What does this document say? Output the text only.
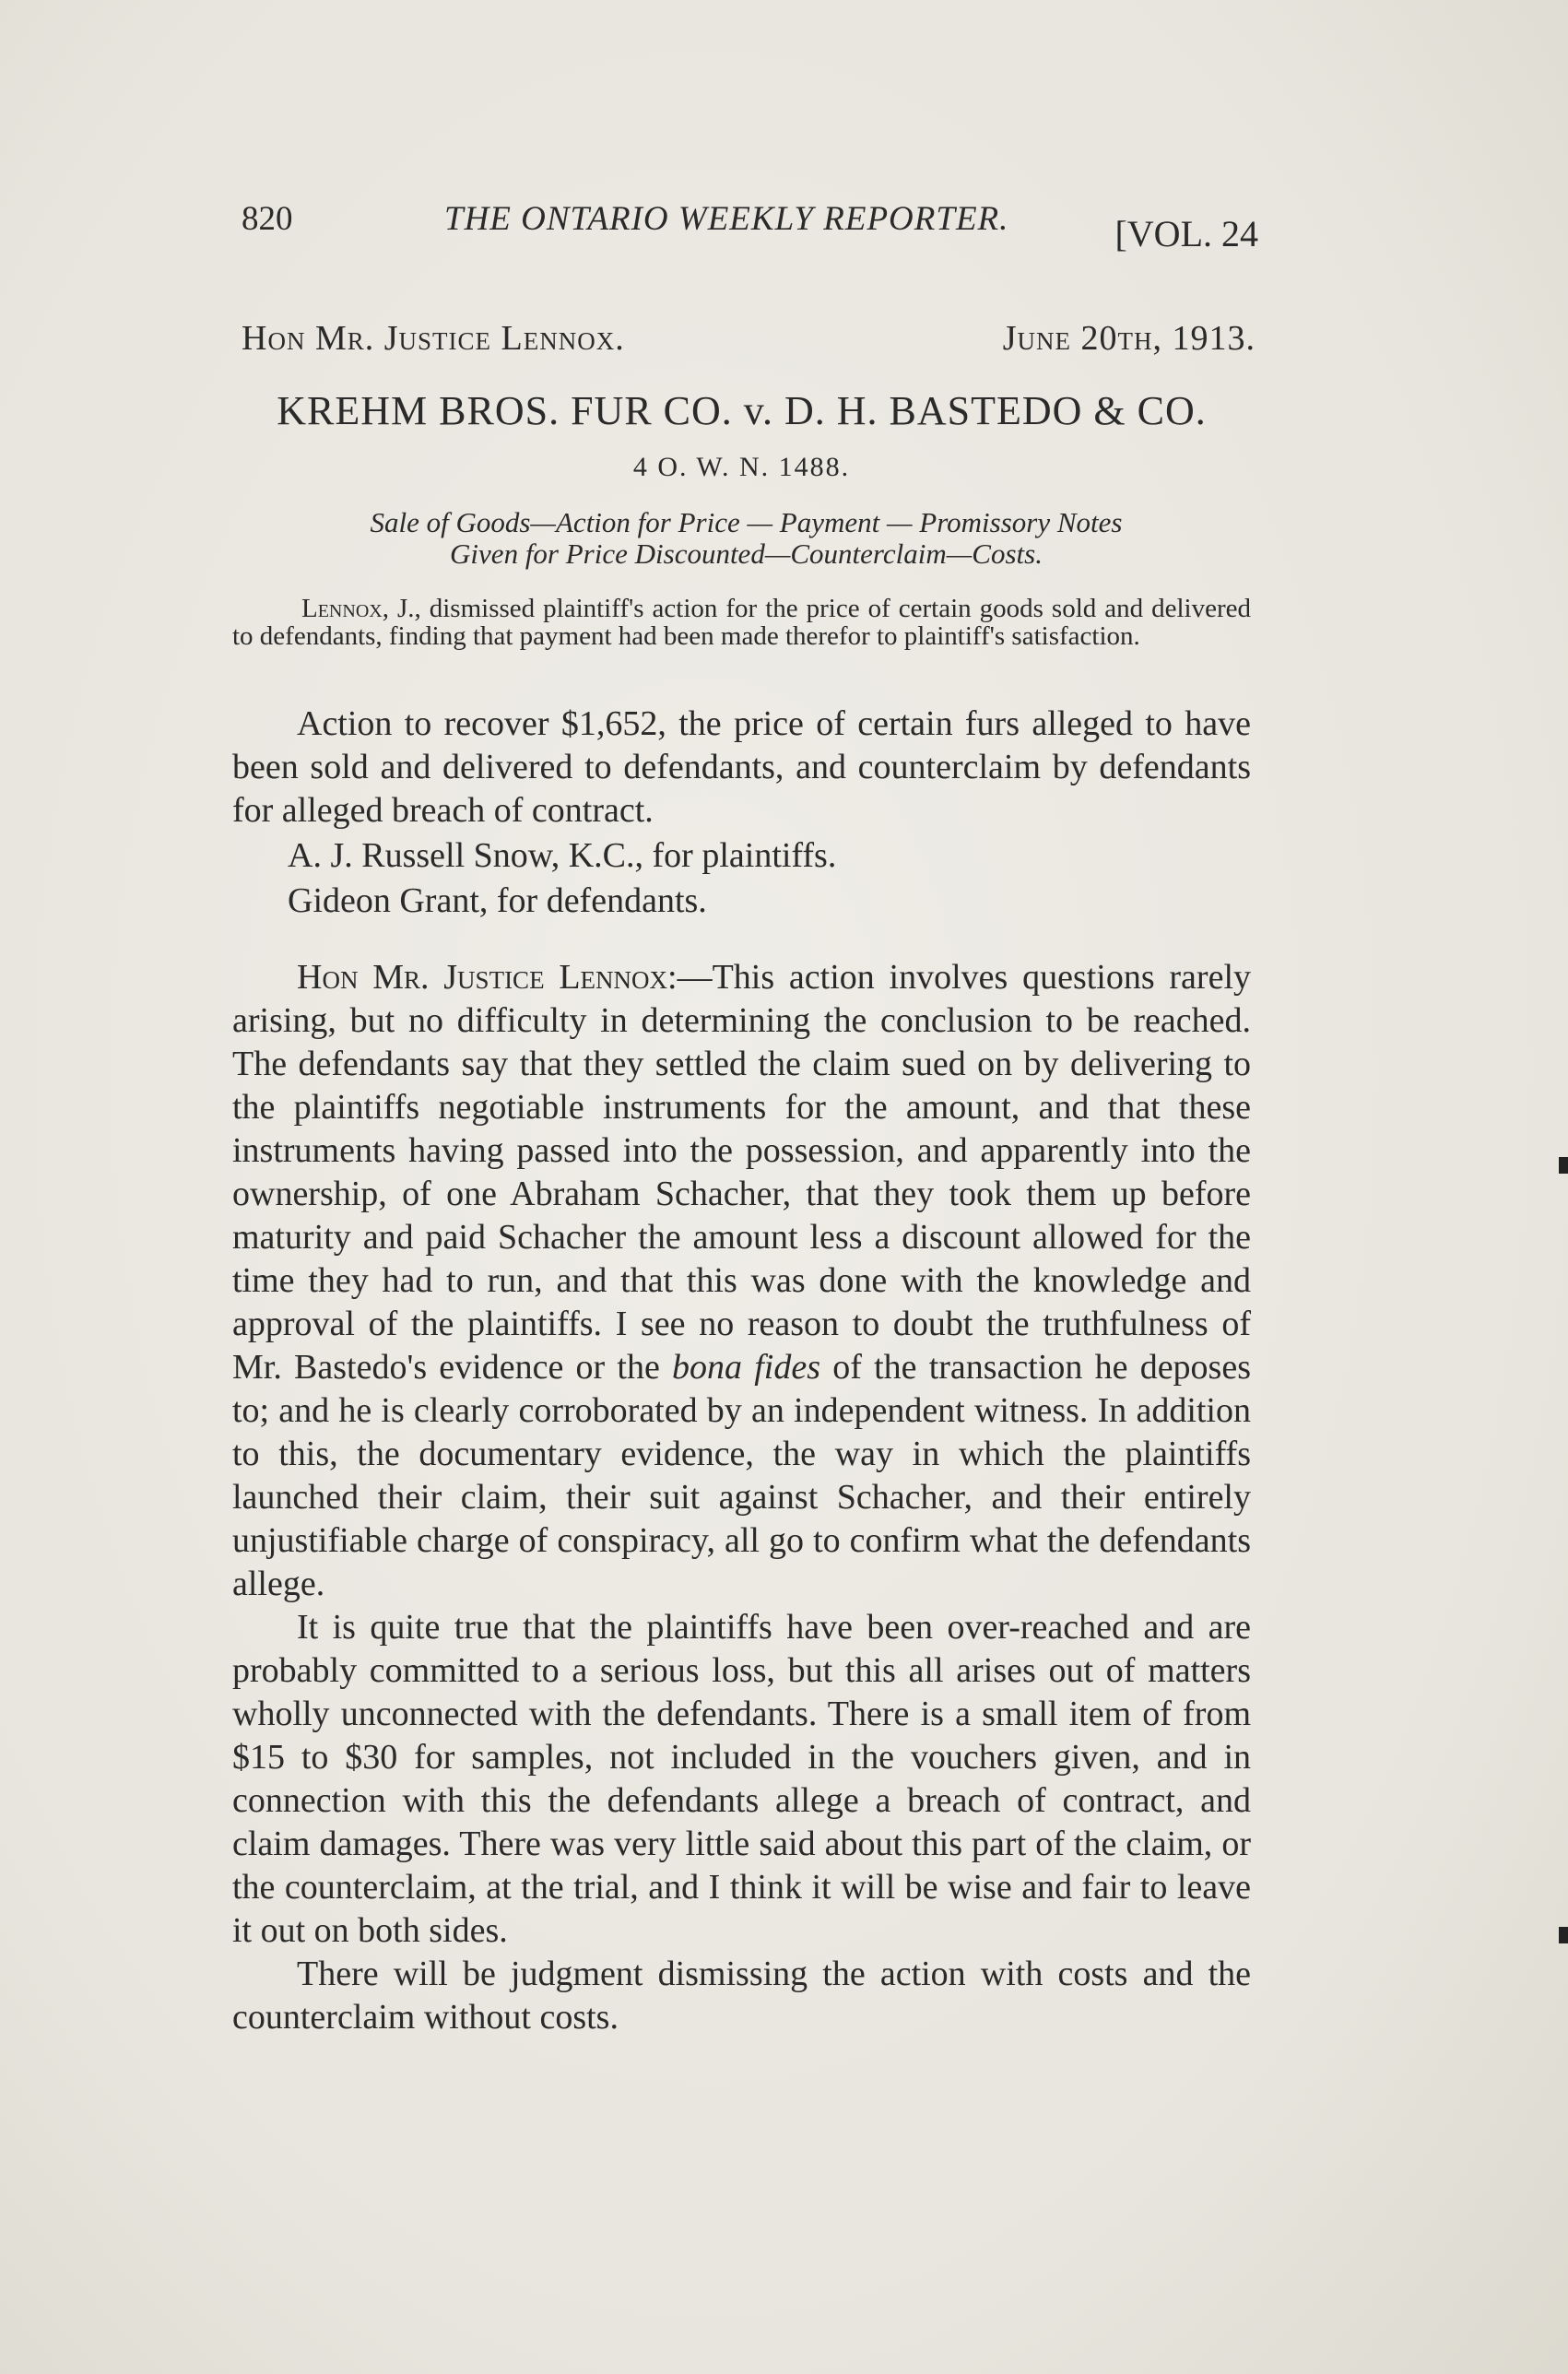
820	THE ONTARIO WEEKLY REPORTER.	[VOL. 24
Hon Mr. Justice Lennox.	June 20th, 1913.
KREHM BROS. FUR CO. v. D. H. BASTEDO & CO.
4 O. W. N. 1488.
Sale of Goods—Action for Price — Payment — Promissory Notes
Given for Price Discounted—Counterclaim—Costs.
Lennox, J., dismissed plaintiff's action for the price of certain goods sold and delivered to defendants, finding that payment had been made therefor to plaintiff's satisfaction.

Action to recover $1,652, the price of certain furs alleged to have been sold and delivered to defendants, and counterclaim by defendants for alleged breach of contract.

A. J. Russell Snow, K.C., for plaintiffs.

Gideon Grant, for defendants.

Hon Mr. Justice Lennox:—This action involves questions rarely arising, but no difficulty in determining the conclusion to be reached. The defendants say that they settled the claim sued on by delivering to the plaintiffs negotiable instruments for the amount, and that these instruments having passed into the possession, and apparently into the ownership, of one Abraham Schacher, that they took them up before maturity and paid Schacher the amount less a discount allowed for the time they had to run, and that this was done with the knowledge and approval of the plaintiffs. I see no reason to doubt the truthfulness of Mr. Bastedo's evidence or the bona fides of the transaction he deposes to; and he is clearly corroborated by an independent witness. In addition to this, the documentary evidence, the way in which the plaintiffs launched their claim, their suit against Schacher, and their entirely unjustifiable charge of conspiracy, all go to confirm what the defendants allege.

It is quite true that the plaintiffs have been over-reached and are probably committed to a serious loss, but this all arises out of matters wholly unconnected with the defendants. There is a small item of from $15 to $30 for samples, not included in the vouchers given, and in connection with this the defendants allege a breach of contract, and claim damages. There was very little said about this part of the claim, or the counterclaim, at the trial, and I think it will be wise and fair to leave it out on both sides.

There will be judgment dismissing the action with costs and the counterclaim without costs.
